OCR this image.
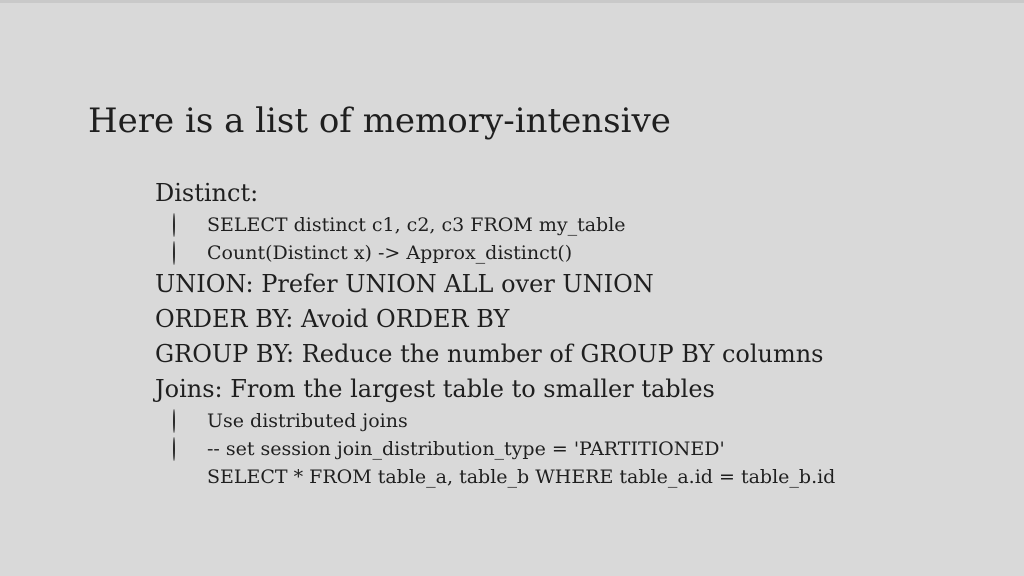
Here is a list of memory-intensive
Distinct:
SELECT distinct c1, c2, c3 FROM my_table
Count(Distinct x) -> Approx_distinct()
UNION: Prefer UNION ALL over UNION
ORDER BY: Avoid ORDER BY
GROUP BY: Reduce the number of GROUP BY columns
Joins: From the largest table to smaller tables
Use distributed joins
-- set session join_distribution_type = 'PARTITIONED'
SELECT * FROM table_a, table_b WHERE table_a.id = table_b.id
